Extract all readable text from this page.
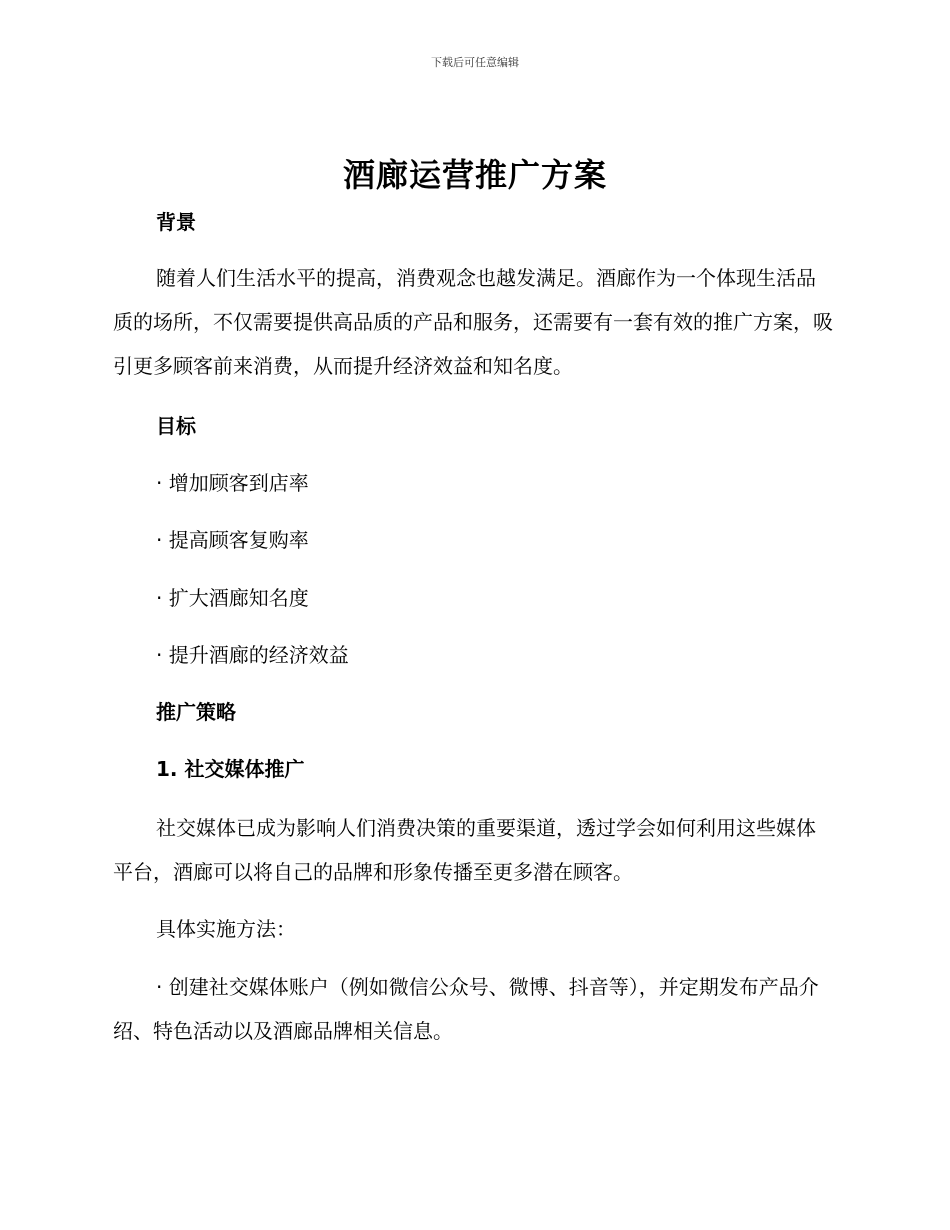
下载后可任意编辑
酒廊运营推广方案

背景

随着人们生活水平的提高，消费观念也越发满足。酒廊作为一个体现生活品质的场所，不仅需要提供高品质的产品和服务，还需要有一套有效的推广方案，吸引更多顾客前来消费，从而提升经济效益和知名度。

目标

· 增加顾客到店率

· 提高顾客复购率

· 扩大酒廊知名度

· 提升酒廊的经济效益

推广策略

1. 社交媒体推广

社交媒体已成为影响人们消费决策的重要渠道，透过学会如何利用这些媒体平台，酒廊可以将自己的品牌和形象传播至更多潜在顾客。

具体实施方法：

· 创建社交媒体账户（例如微信公众号、微博、抖音等），并定期发布产品介绍、特色活动以及酒廊品牌相关信息。
